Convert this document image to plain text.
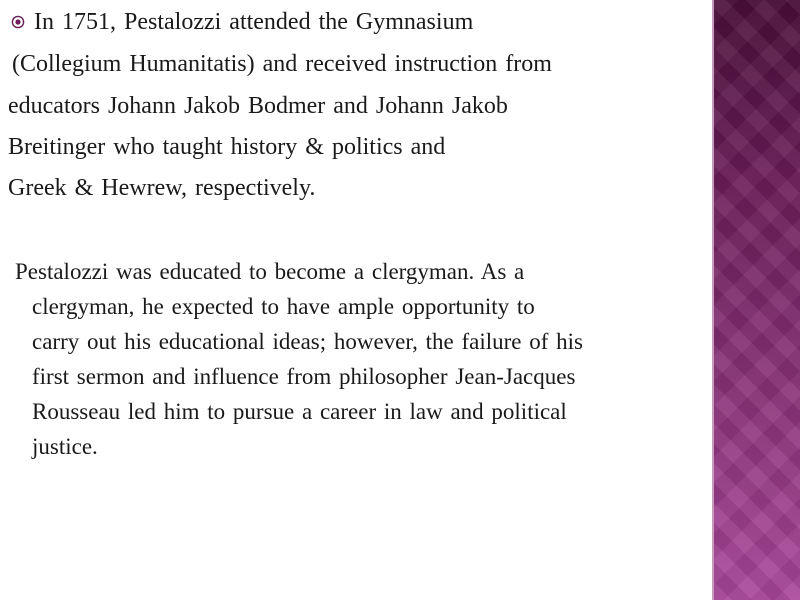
In 1751, Pestalozzi attended the Gymnasium
(Collegium Humanitatis) and received instruction from
educators Johann Jakob Bodmer and Johann Jakob
Breitinger who taught history & politics and
Greek & Hewrew, respectively.
Pestalozzi was educated to become a clergyman. As a
clergyman, he expected to have ample opportunity to
carry out his educational ideas; however, the failure of his
first sermon and influence from philosopher Jean-Jacques
Rousseau led him to pursue a career in law and political
justice.
